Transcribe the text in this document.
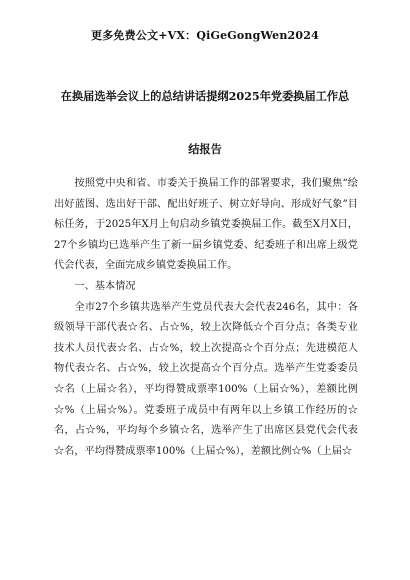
更多免费公文+VX：QiGeGongWen2024
在换届选举会议上的总结讲话提纲2025年党委换届工作总
结报告

按照党中央和省、市委关于换届工作的部署要求，我们聚焦“绘出好蓝图、选出好干部、配出好班子、树立好导向、形成好气象”目标任务，于2025年X月上旬启动乡镇党委换届工作。截至X月X日，27个乡镇均已选举产生了新一届乡镇党委、纪委班子和出席上级党代会代表，全面完成乡镇党委换届工作。

一、基本情况

全市27个乡镇共选举产生党员代表大会代表246名，其中：各级领导干部代表☆名、占☆%，较上次降低☆个百分点；各类专业技术人员代表☆名、占☆%，较上次提高☆个百分点；先进模范人物代表☆名、占☆%，较上次提高☆个百分点。选举产生党委委员☆名（上届☆名），平均得赞成票率100%（上届☆%），差额比例☆%（上届☆%）。党委班子成员中有两年以上乡镇工作经历的☆名，占☆%，平均每个乡镇☆名，选举产生了出席区县党代会代表☆名，平均得赞成票率100%（上届☆%），差额比例☆%（上届☆
